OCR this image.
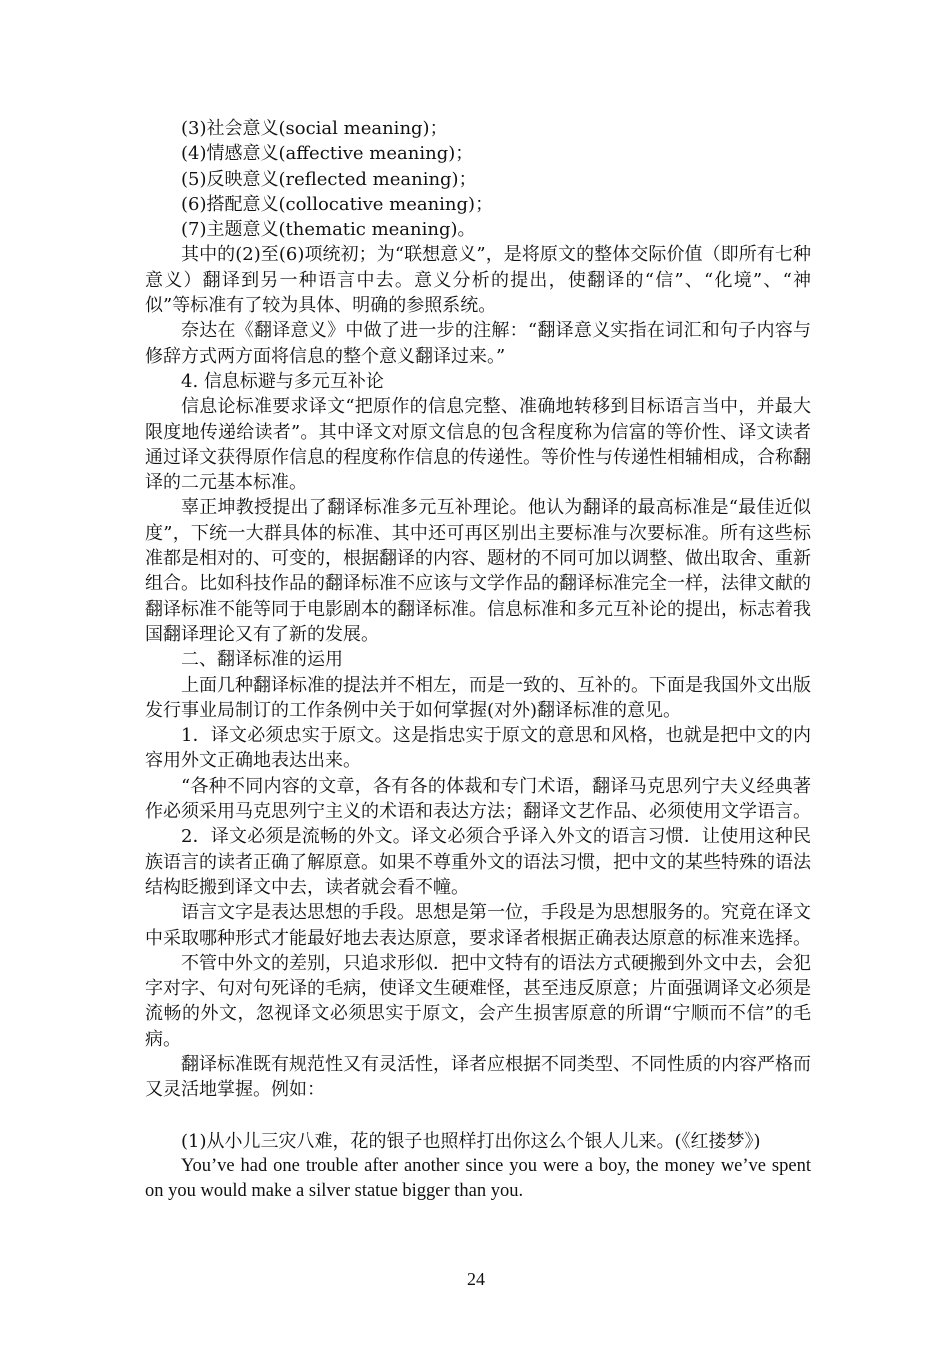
(3)社会意义(social meaning)；

(4)情感意义(affective meaning)；

(5)反映意义(reflected meaning)；

(6)搭配意义(collocative meaning)；

(7)主题意义(thematic meaning)。

其中的(2)至(6)项统初；为“联想意义”，是将原文的整体交际价值（即所有七种意义）翻译到另一种语言中去。意义分析的提出，使翻译的“信”、“化境”、“神似”等标准有了较为具体、明确的参照系统。

奈达在《翻译意义》中做了进一步的注解：“翻译意义实指在词汇和句子内容与修辞方式两方面将信息的整个意义翻译过来。”

4. 信息标避与多元互补论

信息论标准要求译文“把原作的信息完整、准确地转移到目标语言当中，并最大限度地传递给读者”。其中译文对原文信息的包含程度称为信富的等价性、译文读者通过译文获得原作信息的程度称作信息的传递性。等价性与传递性相辅相成，合称翻译的二元基本标准。

辜正坤教授提出了翻译标准多元互补理论。他认为翻译的最高标准是“最佳近似度”，下统一大群具体的标准、其中还可再区别出主要标准与次要标准。所有这些标准都是相对的、可变的，根据翻译的内容、题材的不同可加以调整、做出取舍、重新组合。比如科技作品的翻译标准不应该与文学作品的翻译标准完全一样，法律文献的翻译标准不能等同于电影剧本的翻译标准。信息标准和多元互补论的提出，标志着我国翻译理论又有了新的发展。

二、翻译标准的运用

上面几种翻译标准的提法并不相左，而是一致的、互补的。下面是我国外文出版发行事业局制订的工作条例中关于如何掌握(对外)翻译标准的意见。

1．译文必须忠实于原文。这是指忠实于原文的意思和风格，也就是把中文的内容用外文正确地表达出来。

“各种不同内容的文章，各有各的体裁和专门术语，翻译马克思列宁夫义经典著作必须采用马克思列宁主义的术语和表达方法；翻译文艺作品、必须使用文学语言。

2．译文必须是流畅的外文。译文必须合乎译入外文的语言习惯．让使用这种民族语言的读者正确了解原意。如果不尊重外文的语法习惯，把中文的某些特殊的语法结构眨搬到译文中去，读者就会看不幢。

语言文字是表达思想的手段。思想是第一位，手段是为思想服务的。究竟在译文中采取哪种形式才能最好地去表达原意，要求译者根据正确表达原意的标准来选择。

不管中外文的差别，只追求形似．把中文特有的语法方式硬搬到外文中去，会犯字对字、句对句死译的毛病，使译文生硬难怪，甚至违反原意；片面强调译文必须是流畅的外文，忽视译文必须思实于原文，会产生损害原意的所谓“宁顺而不信”的毛病。

翻译标准既有规范性又有灵活性，译者应根据不同类型、不同性质的内容严格而又灵活地掌握。例如：

(1)从小儿三灾八难，花的银子也照样打出你这么个银人儿来。(《红搂梦》)

You’ve had one trouble after another since you were a boy, the money we’ve spent on you would make a silver statue bigger than you.

24
